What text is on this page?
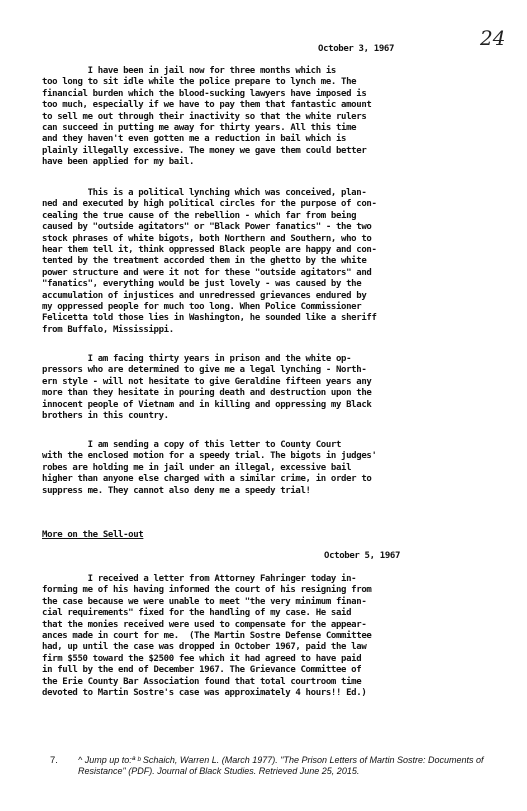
October 3, 1967	24
I have been in jail now for three months which is
too long to sit idle while the police prepare to lynch me. The
financial burden which the blood-sucking lawyers have imposed is
too much, especially if we have to pay them that fantastic amount
to sell me out through their inactivity so that the white rulers
can succeed in putting me away for thirty years. All this time
and they haven't even gotten me a reduction in bail which is
plainly illegally excessive. The money we gave them could better
have been applied for my bail.
This is a political lynching which was conceived, plan-
ned and executed by high political circles for the purpose of con-
cealing the true cause of the rebellion - which far from being
caused by "outside agitators" or "Black Power fanatics" - the two
stock phrases of white bigots, both Northern and Southern, who to
hear them tell it, think oppressed Black people are happy and con-
tented by the treatment accorded them in the ghetto by the white
power structure and were it not for these "outside agitators" and
"fanatics", everything would be just lovely - was caused by the
accumulation of injustices and unredressed grievances endured by
my oppressed people for much too long. When Police Commissioner
Felicetta told those lies in Washington, he sounded like a sheriff
from Buffalo, Mississippi.
I am facing thirty years in prison and the white op-
pressors who are determined to give me a legal lynching - North-
ern style - will not hesitate to give Geraldine fifteen years any
more than they hesitate in pouring death and destruction upon the
innocent people of Vietnam and in killing and oppressing my Black
brothers in this country.
I am sending a copy of this letter to County Court
with the enclosed motion for a speedy trial. The bigots in judges'
robes are holding me in jail under an illegal, excessive bail
higher than anyone else charged with a similar crime, in order to
suppress me. They cannot also deny me a speedy trial!
More on the Sell-out
October 5, 1967
I received a letter from Attorney Fahringer today in-
forming me of his having informed the court of his resigning from
the case because we were unable to meet "the very minimum finan-
cial requirements" fixed for the handling of my case. He said
that the monies received were used to compensate for the appear-
ances made in court for me.  (The Martin Sostre Defense Committee
had, up until the case was dropped in October 1967, paid the law
firm $550 toward the $2500 fee which it had agreed to have paid
in full by the end of December 1967. The Grievance Committee of
the Erie County Bar Association found that total courtroom time
devoted to Martin Sostre's case was approximately 4 hours!! Ed.)
7. ^ Jump up to:ª ᵇ Schaich, Warren L. (March 1977). "The Prison Letters of Martin Sostre: Documents of Resistance" (PDF). Journal of Black Studies. Retrieved June 25, 2015.
